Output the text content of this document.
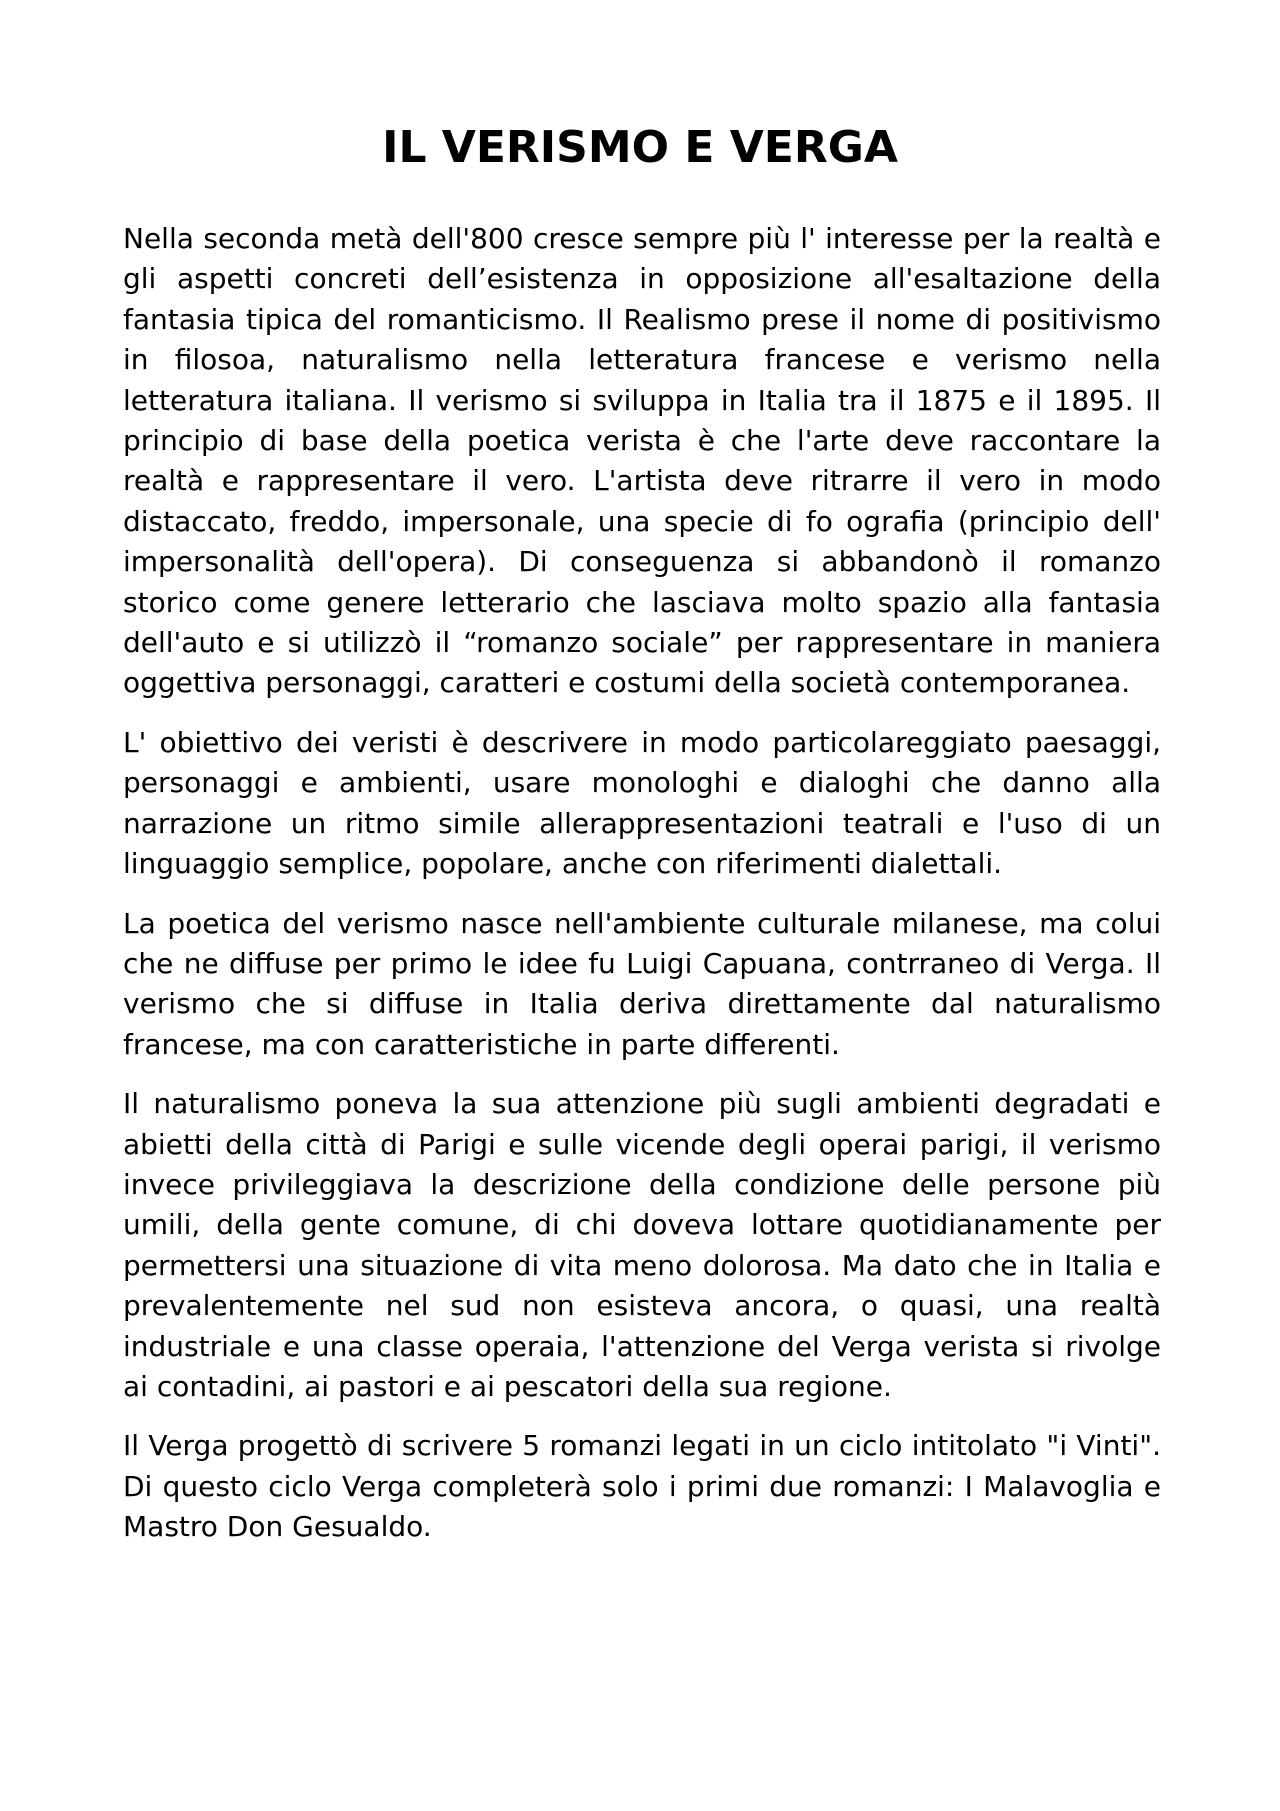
IL VERISMO E VERGA

Nella seconda metà dell'800 cresce sempre più l' interesse per la realtà e gli aspetti concreti dell’esistenza in opposizione all'esaltazione della fantasia tipica del romanticismo. Il Realismo prese il nome di positivismo in filosoa, naturalismo nella letteratura francese e verismo nella letteratura italiana. Il verismo si sviluppa in Italia tra il 1875 e il 1895. Il principio di base della poetica verista è che l'arte deve raccontare la realtà e rappresentare il vero. L'artista deve ritrarre il vero in modo distaccato, freddo, impersonale, una specie di fo ografia (principio dell' impersonalità dell'opera). Di conseguenza si abbandonò il romanzo storico come genere letterario che lasciava molto spazio alla fantasia dell'auto e si utilizzò il “romanzo sociale” per rappresentare in maniera oggettiva personaggi, caratteri e costumi della società contemporanea.

L' obiettivo dei veristi è descrivere in modo particolareggiato paesaggi, personaggi e ambienti, usare monologhi e dialoghi che danno alla narrazione un ritmo simile allerappresentazioni teatrali e l'uso di un linguaggio semplice, popolare, anche con riferimenti dialettali.

La poetica del verismo nasce nell'ambiente culturale milanese, ma colui che ne diffuse per primo le idee fu Luigi Capuana, contrraneo di Verga. Il verismo che si diffuse in Italia deriva direttamente dal naturalismo francese, ma con caratteristiche in parte differenti.

Il naturalismo poneva la sua attenzione più sugli ambienti degradati e abietti della città di Parigi e sulle vicende degli operai parigi, il verismo invece privileggiava la descrizione della condizione delle persone più umili, della gente comune, di chi doveva lottare quotidianamente per permettersi una situazione di vita meno dolorosa. Ma dato che in Italia e prevalentemente nel sud non esisteva ancora, o quasi, una realtà industriale e una classe operaia, l'attenzione del Verga verista si rivolge ai contadini, ai pastori e ai pescatori della sua regione.

Il Verga progettò di scrivere 5 romanzi legati in un ciclo intitolato "i Vinti". Di questo ciclo Verga completerà solo i primi due romanzi: I Malavoglia e Mastro Don Gesualdo.
